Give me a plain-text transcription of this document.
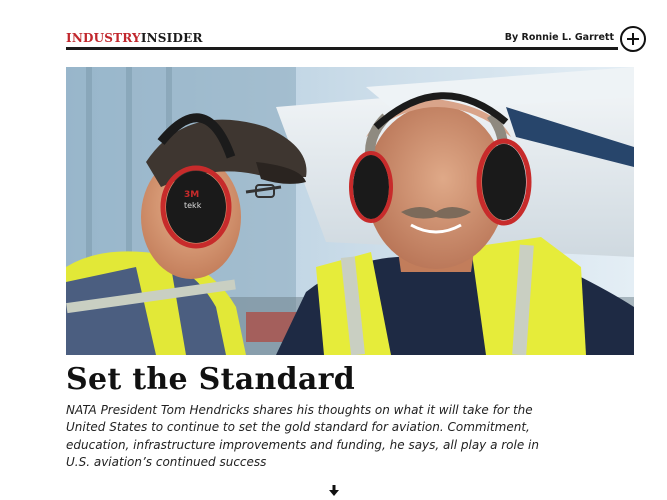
INDUSTRYINSIDER	By Ronnie L. Garrett
3M
tekk
Set the Standard

NATA President Tom Hendricks shares his thoughts on what it will take for the United States to continue to set the gold standard for aviation. Commitment, education, infrastructure improvements and funding, he says, all play a role in U.S. aviation’s continued success
